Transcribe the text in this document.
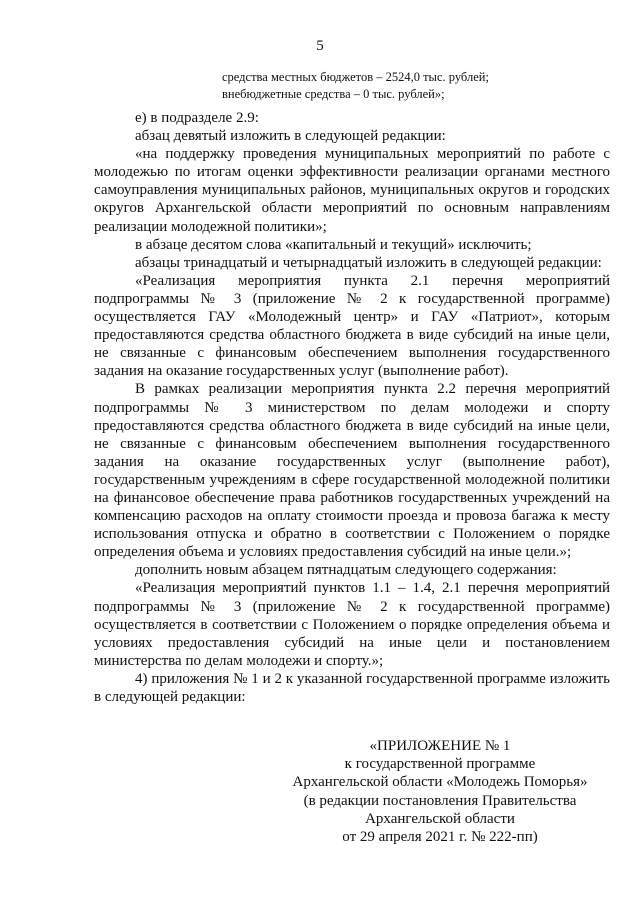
5
средства местных бюджетов – 2524,0 тыс. рублей;
внебюджетные средства – 0 тыс. рублей»;

е) в подразделе 2.9:

абзац девятый изложить в следующей редакции:

«на поддержку проведения муниципальных мероприятий по работе с молодежью по итогам оценки эффективности реализации органами местного самоуправления муниципальных районов, муниципальных округов и городских округов Архангельской области мероприятий по основным направлениям реализации молодежной политики»;

в абзаце десятом слова «капитальный и текущий» исключить;

абзацы тринадцатый и четырнадцатый изложить в следующей редакции:

«Реализация мероприятия пункта 2.1 перечня мероприятий подпрограммы № 3 (приложение № 2 к государственной программе) осуществляется ГАУ «Молодежный центр» и ГАУ «Патриот», которым предоставляются средства областного бюджета в виде субсидий на иные цели, не связанные с финансовым обеспечением выполнения государственного задания на оказание государственных услуг (выполнение работ).

В рамках реализации мероприятия пункта 2.2 перечня мероприятий подпрограммы № 3 министерством по делам молодежи и спорту предоставляются средства областного бюджета в виде субсидий на иные цели, не связанные с финансовым обеспечением выполнения государственного задания на оказание государственных услуг (выполнение работ), государственным учреждениям в сфере государственной молодежной политики на финансовое обеспечение права работников государственных учреждений на компенсацию расходов на оплату стоимости проезда и провоза багажа к месту использования отпуска и обратно в соответствии с Положением о порядке определения объема и условиях предоставления субсидий на иные цели.»;

дополнить новым абзацем пятнадцатым следующего содержания:

«Реализация мероприятий пунктов 1.1 – 1.4, 2.1 перечня мероприятий подпрограммы № 3 (приложение № 2 к государственной программе) осуществляется в соответствии с Положением о порядке определения объема и условиях предоставления субсидий на иные цели и постановлением министерства по делам молодежи и спорту.»;

4) приложения № 1 и 2 к указанной государственной программе изложить в следующей редакции:

«ПРИЛОЖЕНИЕ № 1
к государственной программе
Архангельской области «Молодежь Поморья»
(в редакции постановления Правительства
Архангельской области
от 29 апреля 2021 г. № 222-пп)
